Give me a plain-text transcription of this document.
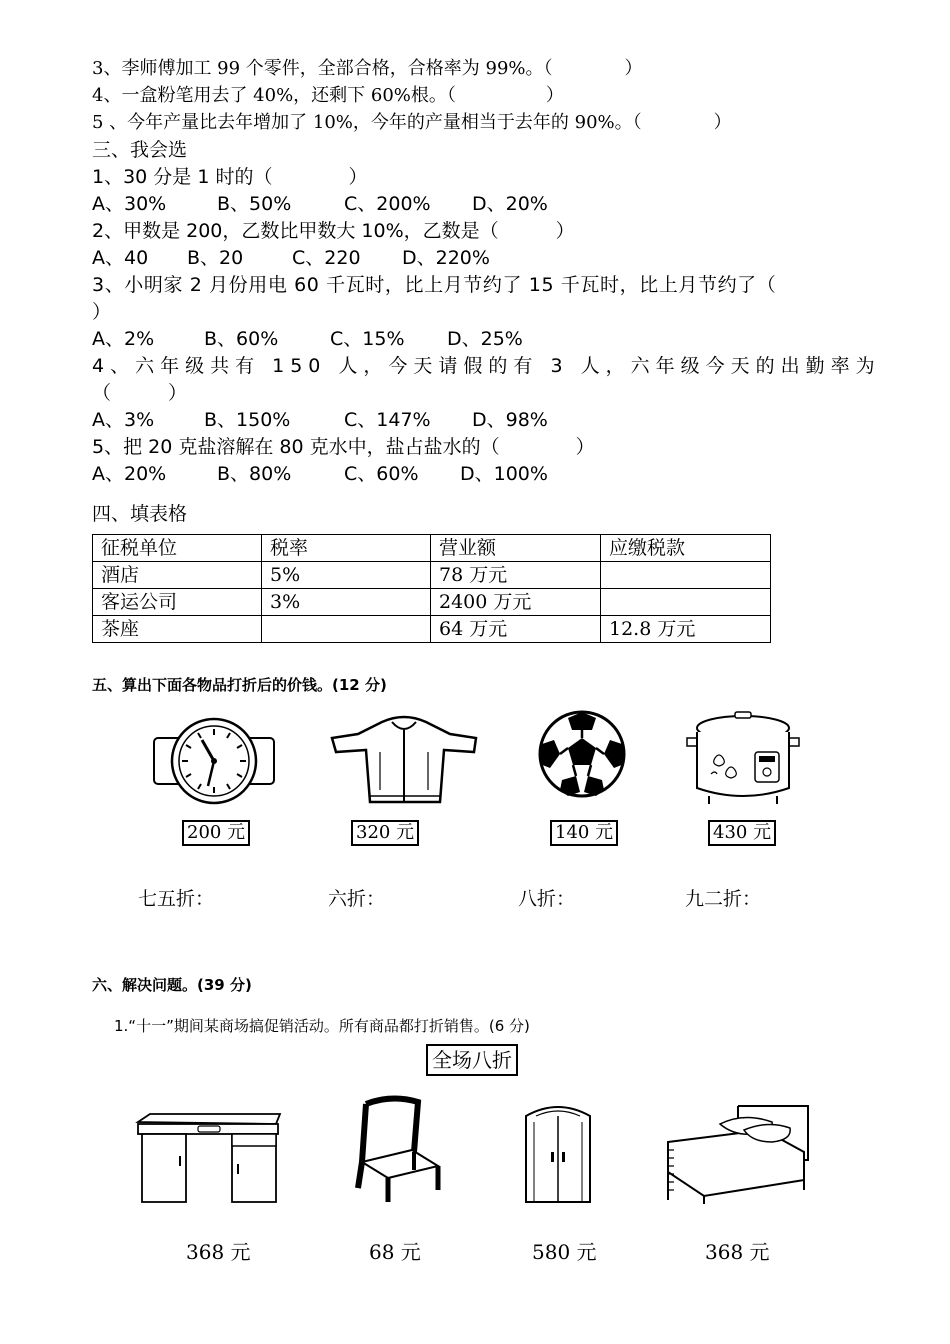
3、李师傅加工 99 个零件，全部合格，合格率为 99%。（　　　　）
4、一盒粉笔用去了 40%，还剩下 60%根。（　　　　　）
5 、今年产量比去年增加了 10%，今年的产量相当于去年的 90%。（　　　　）
三、我会选
1、30 分是 1 时的（　　　　）
A、30%	B、50%	C、200% D、20%
2、甲数是 200，乙数比甲数大 10%，乙数是（　　　）
A、40 B、20	C、220 D、220%
3、小明家 2 月份用电 60 千瓦时，比上月节约了 15 千瓦时，比上月节约了（
）
A、2%	B、60%	C、15% D、25%
4、六年级共有 150 人，今天请假的有 3 人，六年级今天的出勤率为
（　　　）
A、3%	B、150%	C、147% D、98%
5、把 20 克盐溶解在 80 克水中，盐占盐水的（　　　　）
A、20%	B、80%	C、60% D、100%
四、填表格
征税单位	税率	营业额	应缴税款
酒店	5%	78 万元	
客运公司	3%	2400 万元	
茶座		64 万元	12.8 万元
五、算出下面各物品打折后的价钱。(12 分)
200 元	320 元	140 元	430 元
七五折：	六折：	八折：	九二折：
六、解决问题。(39 分)
1.“十一”期间某商场搞促销活动。所有商品都打折销售。(6 分)
全场八折
368 元	68 元	580 元	368 元
